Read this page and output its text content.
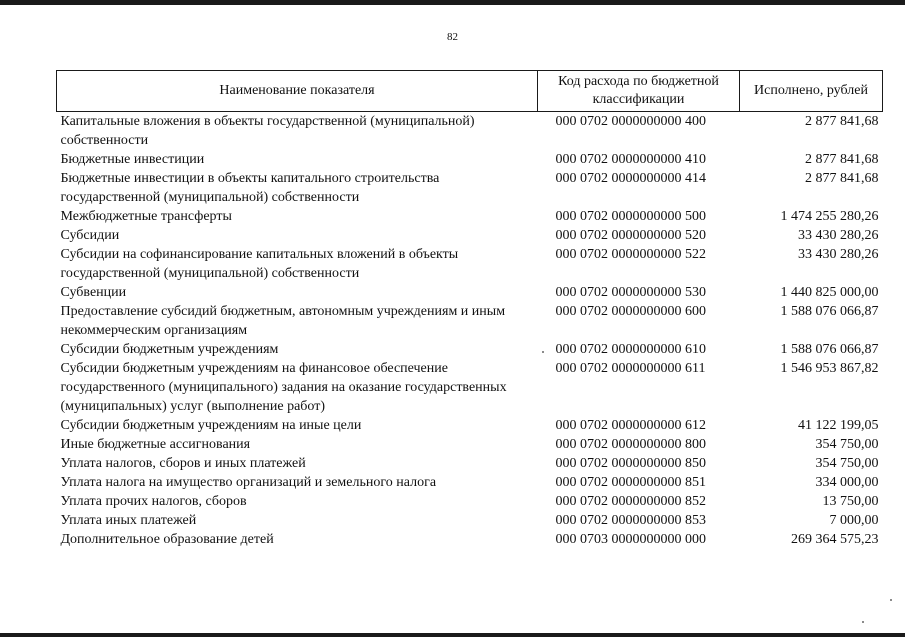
82
Наименование показателя	Код расхода по бюджетной классификации	Исполнено, рублей
Капитальные вложения в объекты государственной (муниципальной) собственности	000 0702 0000000000 400	2 877 841,68
Бюджетные инвестиции	000 0702 0000000000 410	2 877 841,68
Бюджетные инвестиции в объекты капитального строительства государственной (муниципальной) собственности	000 0702 0000000000 414	2 877 841,68
Межбюджетные трансферты	000 0702 0000000000 500	1 474 255 280,26
Субсидии	000 0702 0000000000 520	33 430 280,26
Субсидии на софинансирование капитальных вложений в объекты государственной (муниципальной) собственности	000 0702 0000000000 522	33 430 280,26
Субвенции	000 0702 0000000000 530	1 440 825 000,00
Предоставление субсидий бюджетным, автономным учреждениям и иным некоммерческим организациям	000 0702 0000000000 600	1 588 076 066,87
Субсидии бюджетным учреждениям	000 0702 0000000000 610	1 588 076 066,87
Субсидии бюджетным учреждениям на финансовое обеспечение государственного (муниципального) задания на оказание государственных (муниципальных) услуг (выполнение работ)	000 0702 0000000000 611	1 546 953 867,82
Субсидии бюджетным учреждениям на иные цели	000 0702 0000000000 612	41 122 199,05
Иные бюджетные ассигнования	000 0702 0000000000 800	354 750,00
Уплата налогов, сборов и иных платежей	000 0702 0000000000 850	354 750,00
Уплата налога на имущество организаций и земельного налога	000 0702 0000000000 851	334 000,00
Уплата прочих налогов, сборов	000 0702 0000000000 852	13 750,00
Уплата иных платежей	000 0702 0000000000 853	7 000,00
Дополнительное образование детей	000 0703 0000000000 000	269 364 575,23
